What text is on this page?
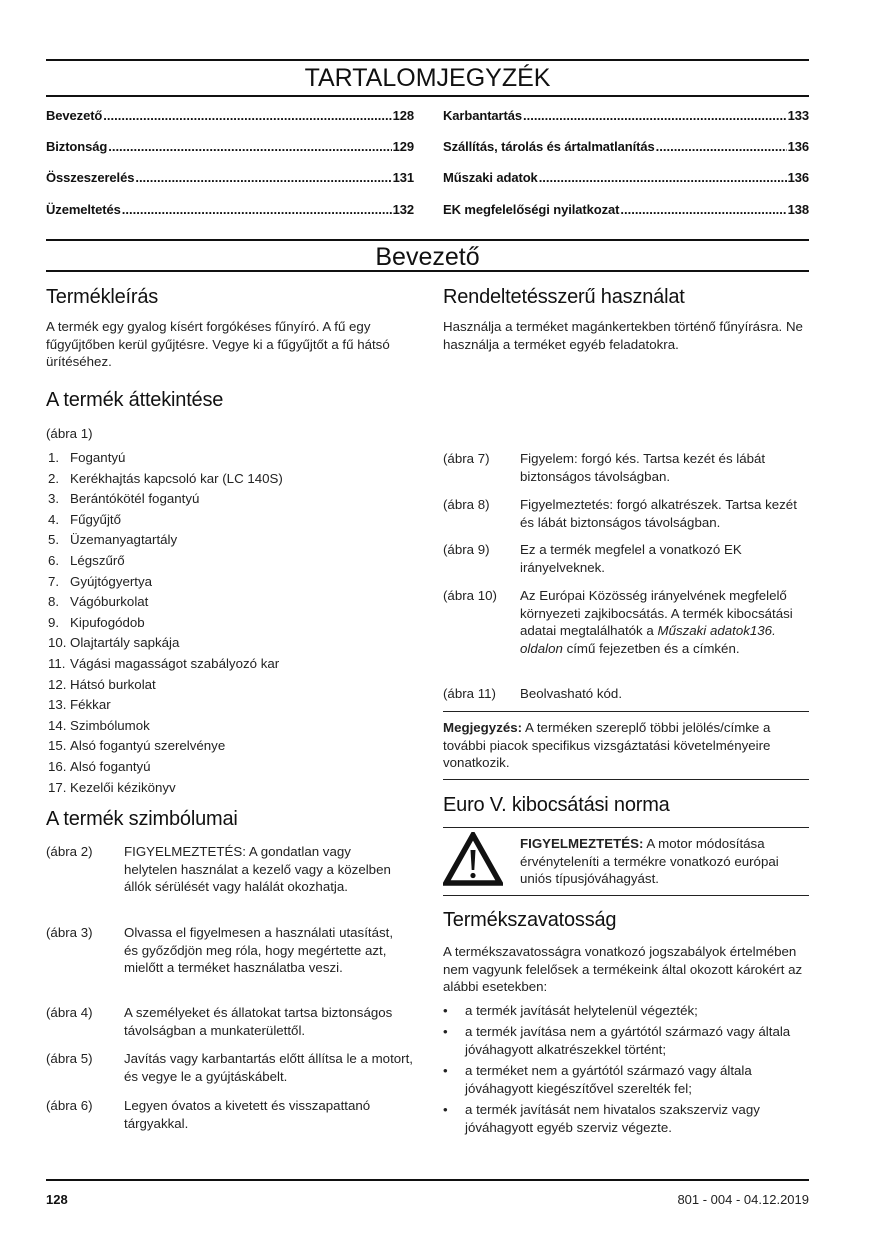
TARTALOMJEGYZÉK
Bevezető .....	128
Biztonság .....	129
Összeszerelés .....	131
Üzemeltetés .....	132
Karbantartás .....	133
Szállítás, tárolás és ártalmatlanítás .....	136
Műszaki adatok .....	136
EK megfelelőségi nyilatkozat .....	138
Bevezető
Termékleírás

A termék egy gyalog kísért forgókéses fűnyíró. A fű egy fűgyűjtőben kerül gyűjtésre. Vegye ki a fűgyűjtőt a fű hátsó ürítéséhez.

A termék áttekintése
(ábra 1)
1. Fogantyú
2. Kerékhajtás kapcsoló kar (LC 140S)
3. Berántókötél fogantyú
4. Fűgyűjtő
5. Üzemanyagtartály
6. Légszűrő
7. Gyújtógyertya
8. Vágóburkolat
9. Kipufogódob
10. Olajtartály sapkája
11. Vágási magasságot szabályozó kar
12. Hátsó burkolat
13. Fékkar
14. Szimbólumok
15. Alsó fogantyú szerelvénye
16. Alsó fogantyú
17. Kezelői kézikönyv
A termék szimbólumai
(ábra 2) FIGYELMEZTETÉS: A gondatlan vagy helytelen használat a kezelő vagy a közelben állók sérülését vagy halálát okozhatja.
(ábra 3) Olvassa el figyelmesen a használati utasítást, és győződjön meg róla, hogy megértette azt, mielőtt a terméket használatba veszi.
(ábra 4) A személyeket és állatokat tartsa biztonságos távolságban a munkaterülettől.
(ábra 5) Javítás vagy karbantartás előtt állítsa le a motort, és vegye le a gyújtáskábelt.
(ábra 6) Legyen óvatos a kivetett és visszapattanó tárgyakkal.
Rendeltetésszerű használat

Használja a terméket magánkertekben történő fűnyírásra. Ne használja a terméket egyéb feladatokra.

(ábra 7) Figyelem: forgó kés. Tartsa kezét és lábát biztonságos távolságban.
(ábra 8) Figyelmeztetés: forgó alkatrészek. Tartsa kezét és lábát biztonságos távolságban.
(ábra 9) Ez a termék megfelel a vonatkozó EK irányelveknek.
(ábra 10) Az Európai Közösség irányelvének megfelelő környezeti zajkibocsátás. A termék kibocsátási adatai megtalálhatók a Műszaki adatok136. oldalon című fejezetben és a címkén.
(ábra 11) Beolvasható kód.

Megjegyzés: A terméken szereplő többi jelölés/címke a további piacok specifikus vizsgáztatási követelményeire vonatkozik.

Euro V. kibocsátási norma

FIGYELMEZTETÉS: A motor módosítása érvényteleníti a termékre vonatkozó európai uniós típusjóváhagyást.

Termékszavatosság

A termékszavatosságra vonatkozó jogszabályok értelmében nem vagyunk felelősek a termékeink által okozott károkért az alábbi esetekben:

• a termék javítását helytelenül végezték;
• a termék javítása nem a gyártótól származó vagy általa jóváhagyott alkatrészekkel történt;
• a terméket nem a gyártótól származó vagy általa jóváhagyott kiegészítővel szerelték fel;
• a termék javítását nem hivatalos szakszerviz vagy jóváhagyott egyéb szerviz végezte.
128	801 - 004 - 04.12.2019
